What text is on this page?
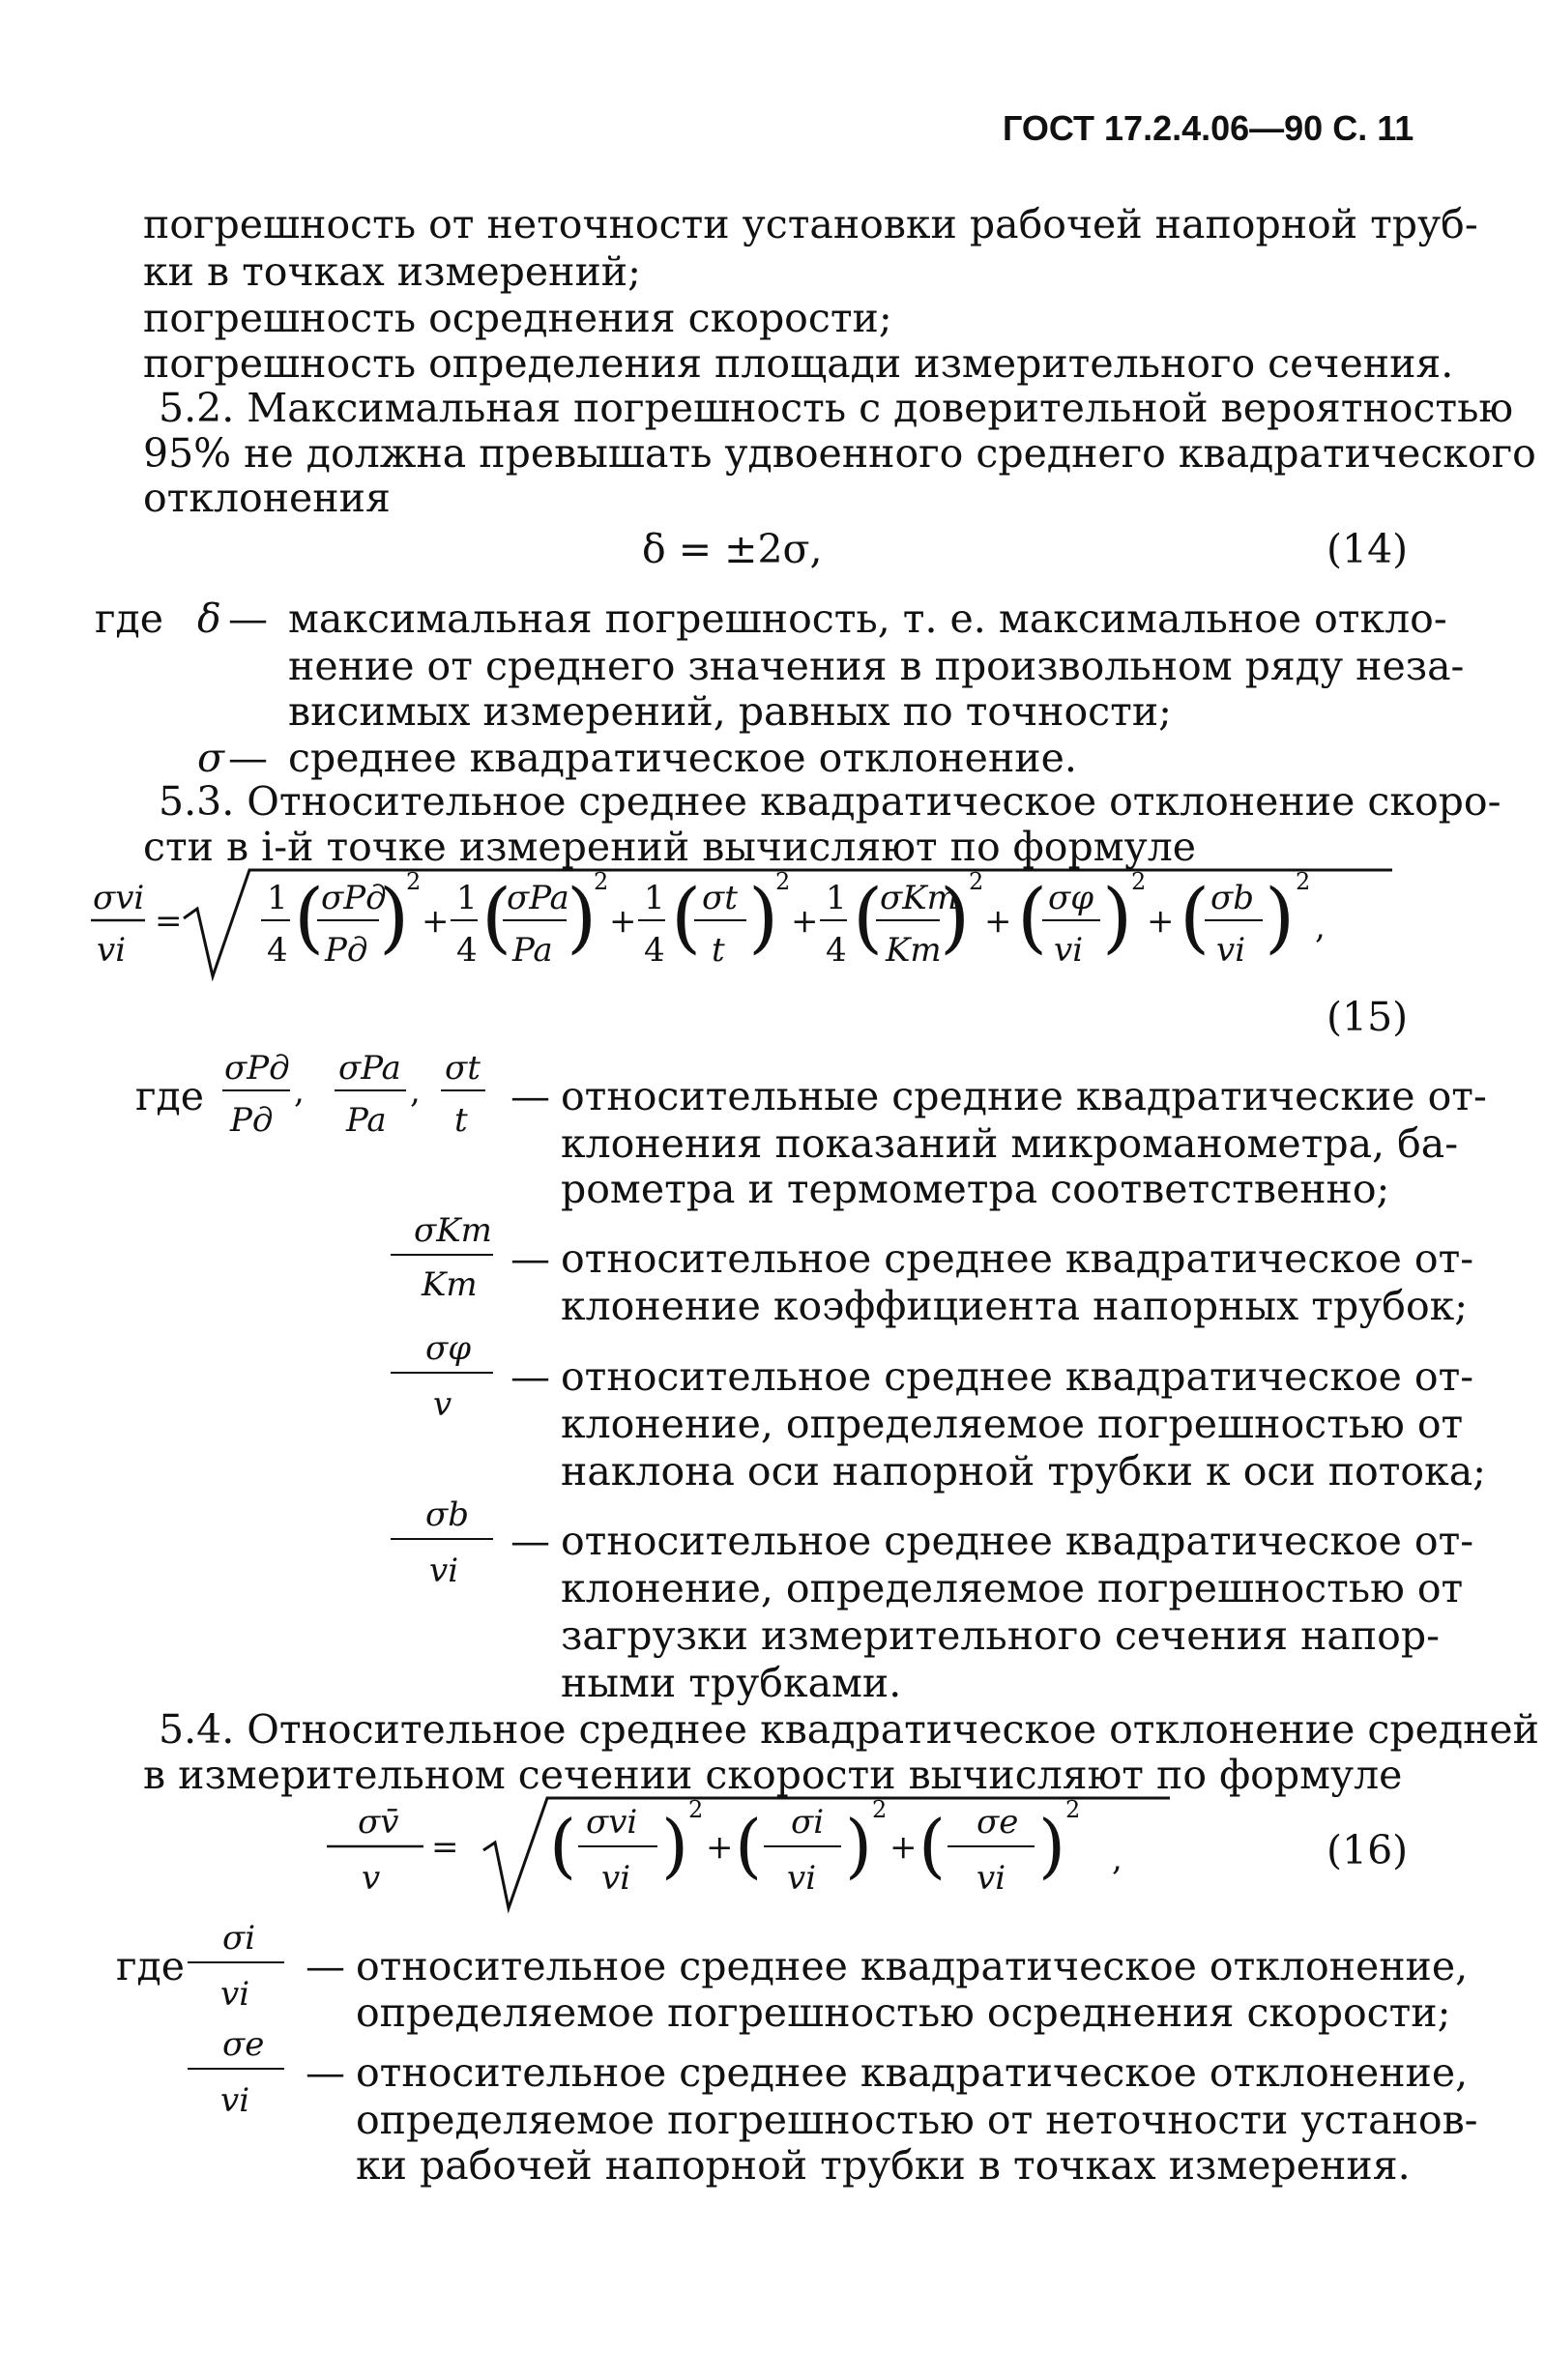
ГОСТ 17.2.4.06—90 С. 11
погрешность от неточности установки рабочей напорной труб-
ки в точках измерений;
погрешность осреднения скорости;
погрешность определения площади измерительного сечения.
5.2. Максимальная погрешность с доверительной вероятностью
95% не должна превышать удвоенного среднего квадратического
отклонения
δ = ±2σ,	(14)
где δ — максимальная погрешность, т. е. максимальное откло-
нение от среднего значения в произвольном ряду неза-
висимых измерений, равных по точности;
σ — среднее квадратическое отклонение.
5.3. Относительное среднее квадратическое отклонение скоро-
сти в i-й точке измерений вычисляют по формуле
σvi
vi
=
1
4 (
σPд
Pд )
2
+
1
4 (
σPa
Pa )
2
+
1
4 ( σt
t )
2
+
1
4 (
σKт
Kт
)
2
+ ( σφ
vi )
2
+ ( σb
vi ) 2
,
(15)
где
σPд
Pд
,
σPa
Pa
,
σt
t
— относительные средние квадратические от-
клонения показаний микроманометра, ба-
рометра и термометра соответственно;
σKт
Kт
— относительное среднее квадратическое от-
клонение коэффициента напорных трубок;
σφ
v
— относительное среднее квадратическое от-
клонение, определяемое погрешностью от
наклона оси напорной трубки к оси потока;
σb
vi
— относительное среднее квадратическое от-
клонение, определяемое погрешностью от
загрузки измерительного сечения напор-
ными трубками.
5.4. Относительное среднее квадратическое отклонение средней
в измерительном сечении скорости вычисляют по формуле
σv̄
v
= ( σvi
vi ) 2
+ ( σi
vi ) 2
+ ( σe
vi ) 2
,	(16)
где
σi
vi
— относительное среднее квадратическое отклонение,
определяемое погрешностью осреднения скорости;
σe
vi
— относительное среднее квадратическое отклонение,
определяемое погрешностью от неточности установ-
ки рабочей напорной трубки в точках измерения.
